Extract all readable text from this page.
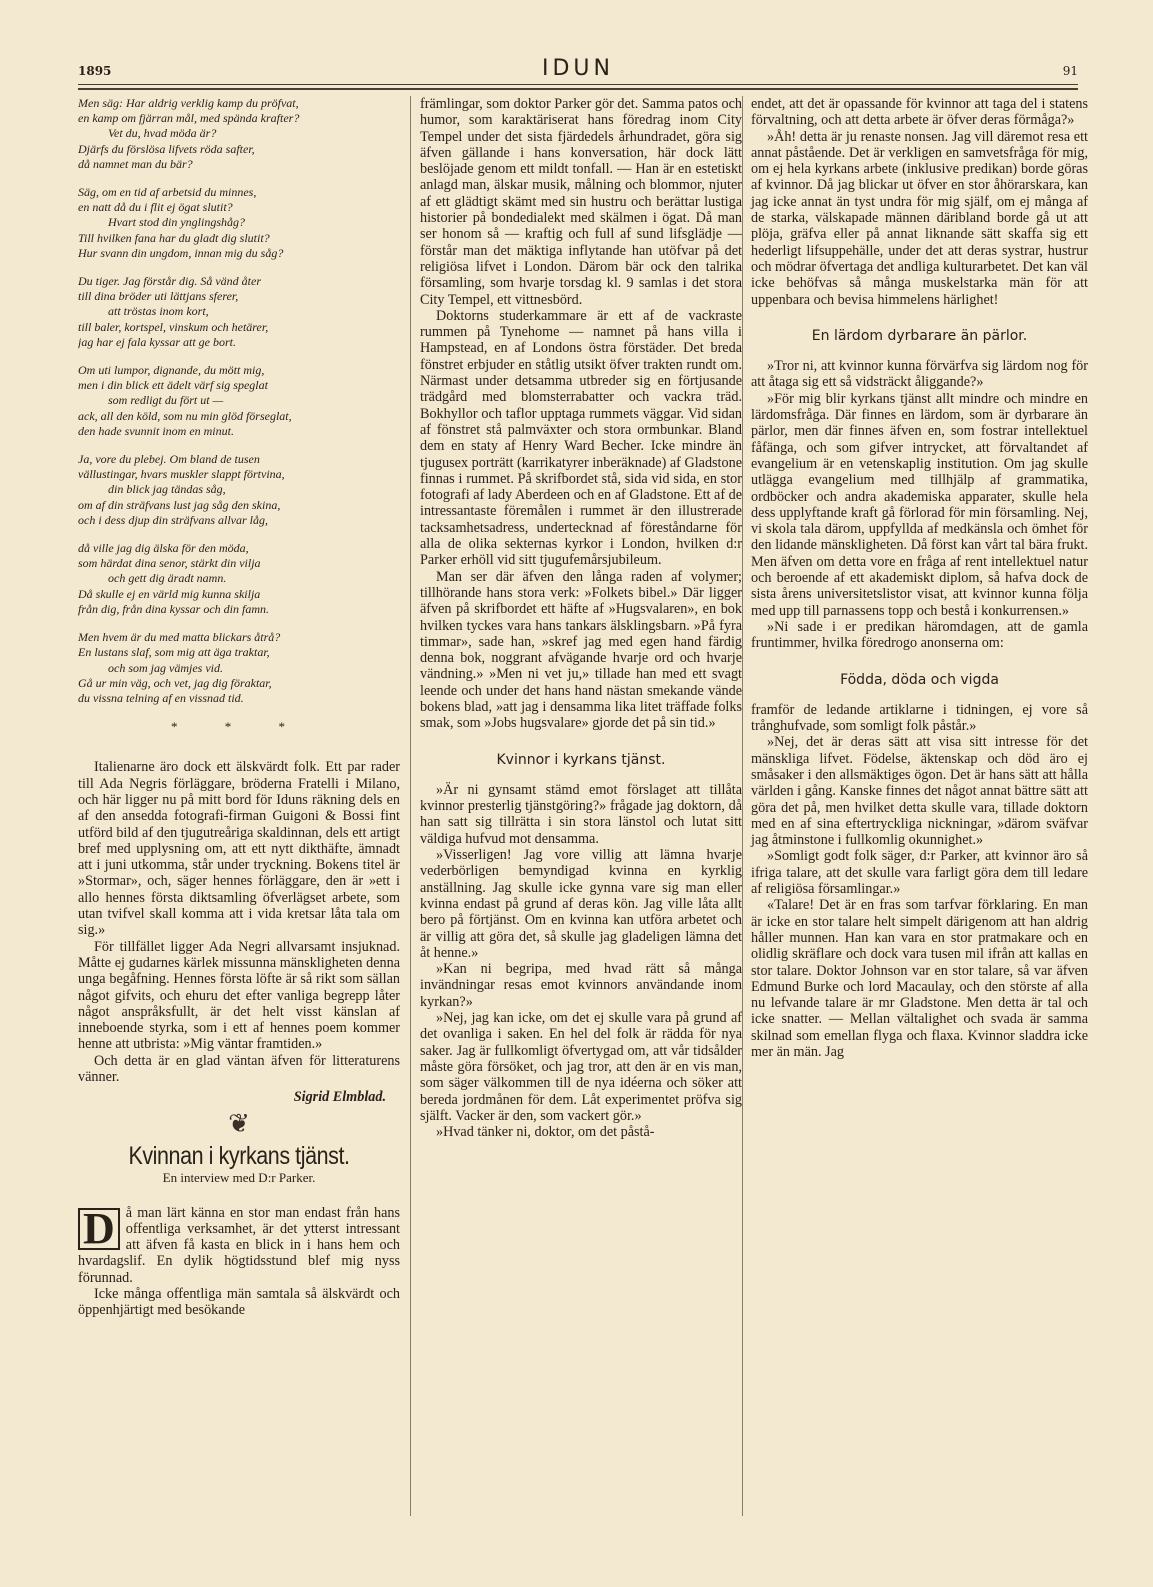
1895	IDUN	91
Men säg: Har aldrig verklig kamp du pröfvat,
en kamp om fjärran mål, med spända krafter?
Vet du, hvad möda är?
Djärfs du förslösa lifvets röda safter,
då namnet man du bär?
Säg, om en tid af arbetsid du minnes,
en natt då du i flit ej ögat slutit?
Hvart stod din ynglingshåg?
Till hvilken fana har du gladt dig slutit?
Hur svann din ungdom, innan mig du såg?
Du tiger. Jag förstår dig. Så vänd åter
till dina bröder uti lättjans sferer,
att tröstas inom kort,
till baler, kortspel, vinskum och hetärer,
jag har ej fala kyssar att ge bort.
Om uti lumpor, dignande, du mött mig,
men i din blick ett ädelt värf sig speglat
som redligt du fört ut —
ack, all den köld, som nu min glöd förseglat,
den hade svunnit inom en minut.
Ja, vore du plebej. Om bland de tusen
vällustingar, hvars muskler slappt förtvina,
din blick jag tändas såg,
om af din sträfvans lust jag såg den skina,
och i dess djup din sträfvans allvar låg,
då ville jag dig älska för den möda,
som härdat dina senor, stärkt din vilja
och gett dig äradt namn.
Då skulle ej en värld mig kunna skilja
från dig, från dina kyssar och din famn.
Men hvem är du med matta blickars åtrå?
En lustans slaf, som mig att äga traktar,
och som jag vämjes vid.
Gå ur min väg, och vet, jag dig föraktar,
du vissna telning af en vissnad tid.
* * *

Italienarne äro dock ett älskvärdt folk. Ett par rader till Ada Negris förläggare, bröderna Fratelli i Milano, och här ligger nu på mitt bord för Iduns räkning dels en af den ansedda fotografi-firman Guigoni & Bossi fint utförd bild af den tjugutreåriga skaldinnan, dels ett artigt bref med upplysning om, att ett nytt dikthäfte, ämnadt att i juni utkomma, står under tryckning. Bokens titel är »Stormar», och, säger hennes förläggare, den är »ett i allo hennes första diktsamling öfverlägset arbete, som utan tvifvel skall komma att i vida kretsar låta tala om sig.»

För tillfället ligger Ada Negri allvarsamt insjuknad. Måtte ej gudarnes kärlek missunna mänskligheten denna unga begåfning. Hennes första löfte är så rikt som sällan något gifvits, och ehuru det efter vanliga begrepp låter något anspråksfullt, är det helt visst känslan af inneboende styrka, som i ett af hennes poem kommer henne att utbrista: »Mig väntar framtiden.»

Och detta är en glad väntan äfven för litteraturens vänner.

Sigrid Elmblad.
❦
Kvinnan i kyrkans tjänst.
En interview med D:r Parker.

D å man lärt känna en stor man endast från hans offentliga verksamhet, är det ytterst intressant att äfven få kasta en blick in i hans hem och hvardagslif. En dylik högtidsstund blef mig nyss förunnad.

Icke många offentliga män samtala så älskvärdt och öppenhjärtigt med besökande

främlingar, som doktor Parker gör det. Samma patos och humor, som karaktäriserat hans föredrag inom City Tempel under det sista fjärdedels århundradet, göra sig äfven gällande i hans konversation, här dock lätt beslöjade genom ett mildt tonfall. — Han är en estetiskt anlagd man, älskar musik, målning och blommor, njuter af ett glädtigt skämt med sin hustru och berättar lustiga historier på bondedialekt med skälmen i ögat. Då man ser honom så — kraftig och full af sund lifsglädje — förstår man det mäktiga inflytande han utöfvar på det religiösa lifvet i London. Därom bär ock den talrika församling, som hvarje torsdag kl. 9 samlas i det stora City Tempel, ett vittnesbörd.

Doktorns studerkammare är ett af de vackraste rummen på Tynehome — namnet på hans villa i Hampstead, en af Londons östra förstäder. Det breda fönstret erbjuder en ståtlig utsikt öfver trakten rundt om. Närmast under detsamma utbreder sig en förtjusande trädgård med blomsterrabatter och vackra träd. Bokhyllor och taflor upptaga rummets väggar. Vid sidan af fönstret stå palmväxter och stora ormbunkar. Bland dem en staty af Henry Ward Becher. Icke mindre än tjugusex porträtt (karrikatyrer inberäknade) af Gladstone finnas i rummet. På skrifbordet stå, sida vid sida, en stor fotografi af lady Aberdeen och en af Gladstone. Ett af de intressantaste föremålen i rummet är den illustrerade tacksamhetsadress, undertecknad af föreståndarne för alla de olika sekternas kyrkor i London, hvilken d:r Parker erhöll vid sitt tjugufemårsjubileum.

Man ser där äfven den långa raden af volymer; tillhörande hans stora verk: »Folkets bibel.» Där ligger äfven på skrifbordet ett häfte af »Hugsvalaren», en bok hvilken tyckes vara hans tankars älsklingsbarn. »På fyra timmar», sade han, »skref jag med egen hand färdig denna bok, noggrant afvägande hvarje ord och hvarje vändning.» »Men ni vet ju,» tillade han med ett svagt leende och under det hans hand nästan smekande vände bokens blad, »att jag i densamma lika litet träffade folks smak, som »Jobs hugsvalare» gjorde det på sin tid.»

Kvinnor i kyrkans tjänst.

»Är ni gynsamt stämd emot förslaget att tillåta kvinnor presterlig tjänstgöring?» frågade jag doktorn, då han satt sig tillrätta i sin stora länstol och lutat sitt väldiga hufvud mot densamma.

»Visserligen! Jag vore villig att lämna hvarje vederbörligen bemyndigad kvinna en kyrklig anställning. Jag skulle icke gynna vare sig man eller kvinna endast på grund af deras kön. Jag ville låta allt bero på förtjänst. Om en kvinna kan utföra arbetet och är villig att göra det, så skulle jag gladeligen lämna det åt henne.»

»Kan ni begripa, med hvad rätt så många invändningar resas emot kvinnors användande inom kyrkan?»

»Nej, jag kan icke, om det ej skulle vara på grund af det ovanliga i saken. En hel del folk är rädda för nya saker. Jag är fullkomligt öfvertygad om, att vår tidsålder måste göra försöket, och jag tror, att den är en vis man, som säger välkommen till de nya idéerna och söker att bereda jordmånen för dem. Låt experimentet pröfva sig själft. Vacker är den, som vackert gör.»

»Hvad tänker ni, doktor, om det påstå-

endet, att det är opassande för kvinnor att taga del i statens förvaltning, och att detta arbete är öfver deras förmåga?»

»Åh! detta är ju renaste nonsen. Jag vill däremot resa ett annat påstående. Det är verkligen en samvetsfråga för mig, om ej hela kyrkans arbete (inklusive predikan) borde göras af kvinnor. Då jag blickar ut öfver en stor åhörarskara, kan jag icke annat än tyst undra för mig själf, om ej många af de starka, välskapade männen däribland borde gå ut att plöja, gräfva eller på annat liknande sätt skaffa sig ett hederligt lifsuppehälle, under det att deras systrar, hustrur och mödrar öfvertaga det andliga kulturarbetet. Det kan väl icke behöfvas så många muskelstarka män för att uppenbara och bevisa himmelens härlighet!

En lärdom dyrbarare än pärlor.

»Tror ni, att kvinnor kunna förvärfva sig lärdom nog för att åtaga sig ett så vidsträckt åliggande?»

»För mig blir kyrkans tjänst allt mindre och mindre en lärdomsfråga. Där finnes en lärdom, som är dyrbarare än pärlor, men där finnes äfven en, som fostrar intellektuel fåfänga, och som gifver intrycket, att förvaltandet af evangelium är en vetenskaplig institution. Om jag skulle utlägga evangelium med tillhjälp af grammatika, ordböcker och andra akademiska apparater, skulle hela dess upplyftande kraft gå förlorad för min församling. Nej, vi skola tala därom, uppfyllda af medkänsla och ömhet för den lidande mänskligheten. Då först kan vårt tal bära frukt. Men äfven om detta vore en fråga af rent intellektuel natur och beroende af ett akademiskt diplom, så hafva dock de sista årens universitetslistor visat, att kvinnor kunna följa med upp till parnassens topp och bestå i konkurrensen.»

»Ni sade i er predikan häromdagen, att de gamla fruntimmer, hvilka föredrogo anonserna om:

Födda, döda och vigda

framför de ledande artiklarne i tidningen, ej vore så trånghufvade, som somligt folk påstår.»

»Nej, det är deras sätt att visa sitt intresse för det mänskliga lifvet. Födelse, äktenskap och död äro ej småsaker i den allsmäktiges ögon. Det är hans sätt att hålla världen i gång. Kanske finnes det något annat bättre sätt att göra det på, men hvilket detta skulle vara, tillade doktorn med en af sina eftertryckliga nickningar, »därom sväfvar jag åtminstone i fullkomlig okunnighet.»

»Somligt godt folk säger, d:r Parker, att kvinnor äro så ifriga talare, att det skulle vara farligt göra dem till ledare af religiösa församlingar.»

«Talare! Det är en fras som tarfvar förklaring. En man är icke en stor talare helt simpelt därigenom att han aldrig håller munnen. Han kan vara en stor pratmakare och en olidlig skräflare och dock vara tusen mil ifrån att kallas en stor talare. Doktor Johnson var en stor talare, så var äfven Edmund Burke och lord Macaulay, och den störste af alla nu lefvande talare är mr Gladstone. Men detta är tal och icke snatter. — Mellan vältalighet och svada är samma skilnad som emellan flyga och flaxa. Kvinnor sladdra icke mer än män. Jag
